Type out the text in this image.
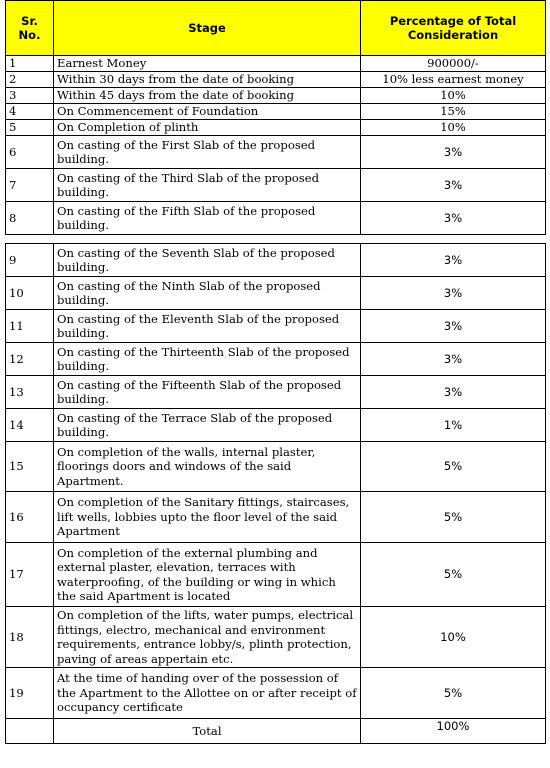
Sr. No.	Stage	Percentage of Total Consideration
1	Earnest Money	900000/-
2	Within 30 days from the date of booking	10% less earnest money
3	Within 45 days from the date of booking	10%
4	On Commencement of Foundation	15%
5	On Completion of plinth	10%
6	On casting of the First Slab of the proposed building.	3%
7	On casting of the Third Slab of the proposed building.	3%
8	On casting of the Fifth Slab of the proposed building.	3%

9	On casting of the Seventh Slab of the proposed building.	3%
10	On casting of the Ninth Slab of the proposed building.	3%
11	On casting of the Eleventh Slab of the proposed building.	3%
12	On casting of the Thirteenth Slab of the proposed building.	3%
13	On casting of the Fifteenth Slab of the proposed building.	3%
14	On casting of the Terrace Slab of the proposed building.	1%
15	On completion of the walls, internal plaster, floorings doors and windows of the said Apartment.	5%
16	On completion of the Sanitary fittings, staircases, lift wells, lobbies upto the floor level of the said Apartment	5%
17	On completion of the external plumbing and external plaster, elevation, terraces with waterproofing, of the building or wing in which the said Apartment is located	5%
18	On completion of the lifts, water pumps, electrical fittings, electro, mechanical and environment requirements, entrance lobby/s, plinth protection, paving of areas appertain etc.	10%
19	At the time of handing over of the possession of the Apartment to the Allottee on or after receipt of occupancy certificate	5%
	Total	100%
